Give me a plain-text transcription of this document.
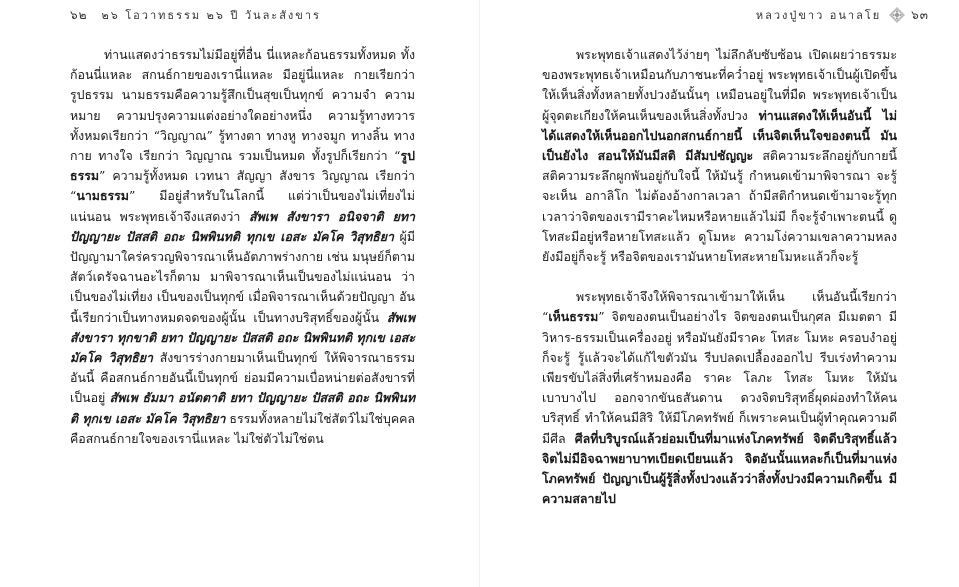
๖๒ ๒๖ โอวาทธรรม ๒๖ ปี วันละสังขาร

ท่านแสดงว่าธรรมไม่มีอยู่ที่อื่น นี่แหละก้อนธรรมทั้งหมด ทั้งก้อนนี่แหละ สกนธ์กายของเรานี่แหละ มีอยู่นี่แหละ กายเรียกว่า รูปธรรม นามธรรมคือความรู้สึกเป็นสุขเป็นทุกข์ ความจำ ความหมาย ความปรุงความแต่งอย่างใดอย่างหนึ่ง ความรู้ทางทวารทั้งหมดเรียกว่า “วิญญาณ” รู้ทางตา ทางหู ทางจมูก ทางลิ้น ทางกาย ทางใจ เรียกว่า วิญญาณ รวมเป็นหมด ทั้งรูปก็เรียกว่า “รูปธรรม” ความรู้ทั้งหมด เวทนา สัญญา สังขาร วิญญาณ เรียกว่า “นามธรรม” มีอยู่สำหรับในโลกนี้ แต่ว่าเป็นของไม่เที่ยงไม่แน่นอน พระพุทธเจ้าจึงแสดงว่า สัพเพ สังขารา อนิจจาติ ยทา ปัญญายะ ปัสสติ อถะ นิพพินทติ ทุกเข เอสะ มัคโค วิสุทธิยา ผู้มีปัญญามาใคร่ครวญพิจารณาเห็นอัตภาพร่างกาย เช่น มนุษย์ก็ตาม สัตว์เดรัจฉานอะไรก็ตาม มาพิจารณาเห็นเป็นของไม่แน่นอน ว่าเป็นของไม่เที่ยง เป็นของเป็นทุกข์ เมื่อพิจารณาเห็นด้วยปัญญา อันนี้เรียกว่าเป็นทางหมดจดของผู้นั้น เป็นทางบริสุทธิ์ของผู้นั้น สัพเพ สังขารา ทุกขาติ ยทา ปัญญายะ ปัสสติ อถะ นิพพินทติ ทุกเข เอสะ มัคโค วิสุทธิยา สังขารร่างกายมาเห็นเป็นทุกข์ ให้พิจารณาธรรมอันนี้ คือสกนธ์กายอันนี้เป็นทุกข์ ย่อมมีความเบื่อหน่ายต่อสังขารที่เป็นอยู่ สัพเพ ธัมมา อนัตตาติ ยทา ปัญญายะ ปัสสติ อถะ นิพพินทติ ทุกเข เอสะ มัคโค วิสุทธิยา ธรรมทั้งหลายไม่ใช่สัตว์ไม่ใช่บุคคล คือสกนธ์กายใจของเรานี่แหละ ไม่ใช่ตัวไม่ใช่ตน

หลวงปู่ขาว อนาลโย	๖๓

พระพุทธเจ้าแสดงไว้ง่ายๆ ไม่ลึกลับซับซ้อน เปิดเผยว่าธรรมะของพระพุทธเจ้าเหมือนกับภาชนะที่คว่ำอยู่ พระพุทธเจ้าเป็นผู้เปิดขึ้นให้เห็นสิ่งทั้งหลายทั้งปวงอันนั้นๆ เหมือนอยู่ในที่มืด พระพุทธเจ้าเป็นผู้จุดตะเกียงให้คนเห็นของเห็นสิ่งทั้งปวง ท่านแสดงให้เห็นอันนี้ ไม่ได้แสดงให้เห็นออกไปนอกสกนธ์กายนี้ เห็นจิตเห็นใจของตนนี้ มันเป็นยังไง สอนให้มันมีสติ มีสัมปชัญญะ สติความระลึกอยู่กับกายนี้ สติความระลึกผูกพันอยู่กับใจนี้ ให้มันรู้ กำหนดเข้ามาพิจารณา จะรู้จะเห็น อกาลิโก ไม่ต้องอ้างกาลเวลา ถ้ามีสติกำหนดเข้ามาจะรู้ทุกเวลาว่าจิตของเรามีราคะไหมหรือหายแล้วไม่มี ก็จะรู้จำเพาะตนนี้ ดูโทสะมีอยู่หรือหายโทสะแล้ว ดูโมหะ ความโง่ความเขลาความหลง ยังมีอยู่ก็จะรู้ หรือจิตของเรามันหายโทสะหายโมหะแล้วก็จะรู้

พระพุทธเจ้าจึงให้พิจารณาเข้ามาให้เห็น เห็นอันนี้เรียกว่า “เห็นธรรม” จิตของตนเป็นอย่างไร จิตของตนเป็นกุศล มีเมตตา มีวิหาร-ธรรมเป็นเครื่องอยู่ หรือมันยังมีราคะ โทสะ โมหะ ครอบงำอยู่ก็จะรู้ รู้แล้วจะได้แก้ไขตัวมัน รีบปลดเปลื้องออกไป รีบเร่งทำความเพียรขับไล่สิ่งที่เศร้าหมองคือ ราคะ โลภะ โทสะ โมหะ ให้มันเบาบางไป ออกจากขันธสันดาน ดวงจิตบริสุทธิ์ผุดผ่องทำให้คนบริสุทธิ์ ทำให้คนมีสิริ ให้มีโภคทรัพย์ ก็เพราะคนเป็นผู้ทำคุณความดีมีศีล ศีลที่บริบูรณ์แล้วย่อมเป็นที่มาแห่งโภคทรัพย์ จิตดีบริสุทธิ์แล้ว จิตไม่มีอิจฉาพยาบาทเบียดเบียนแล้ว จิตอันนั้นแหละก็เป็นที่มาแห่งโภคทรัพย์ ปัญญาเป็นผู้รู้สิ่งทั้งปวงแล้วว่าสิ่งทั้งปวงมีความเกิดขึ้น มีความสลายไป
